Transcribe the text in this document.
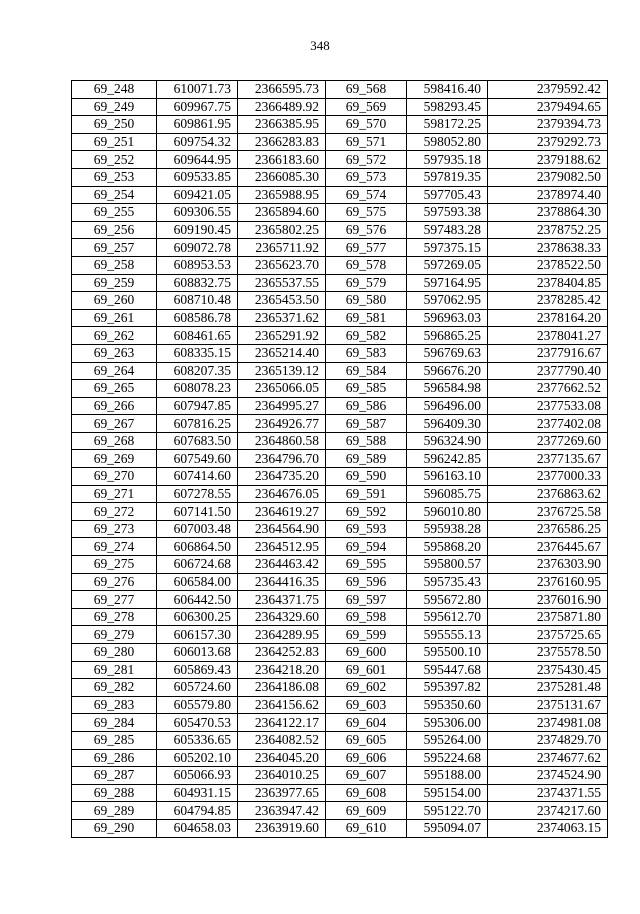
348
69_248	610071.73	2366595.73	69_568	598416.40	2379592.42
69_249	609967.75	2366489.92	69_569	598293.45	2379494.65
69_250	609861.95	2366385.95	69_570	598172.25	2379394.73
69_251	609754.32	2366283.83	69_571	598052.80	2379292.73
69_252	609644.95	2366183.60	69_572	597935.18	2379188.62
69_253	609533.85	2366085.30	69_573	597819.35	2379082.50
69_254	609421.05	2365988.95	69_574	597705.43	2378974.40
69_255	609306.55	2365894.60	69_575	597593.38	2378864.30
69_256	609190.45	2365802.25	69_576	597483.28	2378752.25
69_257	609072.78	2365711.92	69_577	597375.15	2378638.33
69_258	608953.53	2365623.70	69_578	597269.05	2378522.50
69_259	608832.75	2365537.55	69_579	597164.95	2378404.85
69_260	608710.48	2365453.50	69_580	597062.95	2378285.42
69_261	608586.78	2365371.62	69_581	596963.03	2378164.20
69_262	608461.65	2365291.92	69_582	596865.25	2378041.27
69_263	608335.15	2365214.40	69_583	596769.63	2377916.67
69_264	608207.35	2365139.12	69_584	596676.20	2377790.40
69_265	608078.23	2365066.05	69_585	596584.98	2377662.52
69_266	607947.85	2364995.27	69_586	596496.00	2377533.08
69_267	607816.25	2364926.77	69_587	596409.30	2377402.08
69_268	607683.50	2364860.58	69_588	596324.90	2377269.60
69_269	607549.60	2364796.70	69_589	596242.85	2377135.67
69_270	607414.60	2364735.20	69_590	596163.10	2377000.33
69_271	607278.55	2364676.05	69_591	596085.75	2376863.62
69_272	607141.50	2364619.27	69_592	596010.80	2376725.58
69_273	607003.48	2364564.90	69_593	595938.28	2376586.25
69_274	606864.50	2364512.95	69_594	595868.20	2376445.67
69_275	606724.68	2364463.42	69_595	595800.57	2376303.90
69_276	606584.00	2364416.35	69_596	595735.43	2376160.95
69_277	606442.50	2364371.75	69_597	595672.80	2376016.90
69_278	606300.25	2364329.60	69_598	595612.70	2375871.80
69_279	606157.30	2364289.95	69_599	595555.13	2375725.65
69_280	606013.68	2364252.83	69_600	595500.10	2375578.50
69_281	605869.43	2364218.20	69_601	595447.68	2375430.45
69_282	605724.60	2364186.08	69_602	595397.82	2375281.48
69_283	605579.80	2364156.62	69_603	595350.60	2375131.67
69_284	605470.53	2364122.17	69_604	595306.00	2374981.08
69_285	605336.65	2364082.52	69_605	595264.00	2374829.70
69_286	605202.10	2364045.20	69_606	595224.68	2374677.62
69_287	605066.93	2364010.25	69_607	595188.00	2374524.90
69_288	604931.15	2363977.65	69_608	595154.00	2374371.55
69_289	604794.85	2363947.42	69_609	595122.70	2374217.60
69_290	604658.03	2363919.60	69_610	595094.07	2374063.15
